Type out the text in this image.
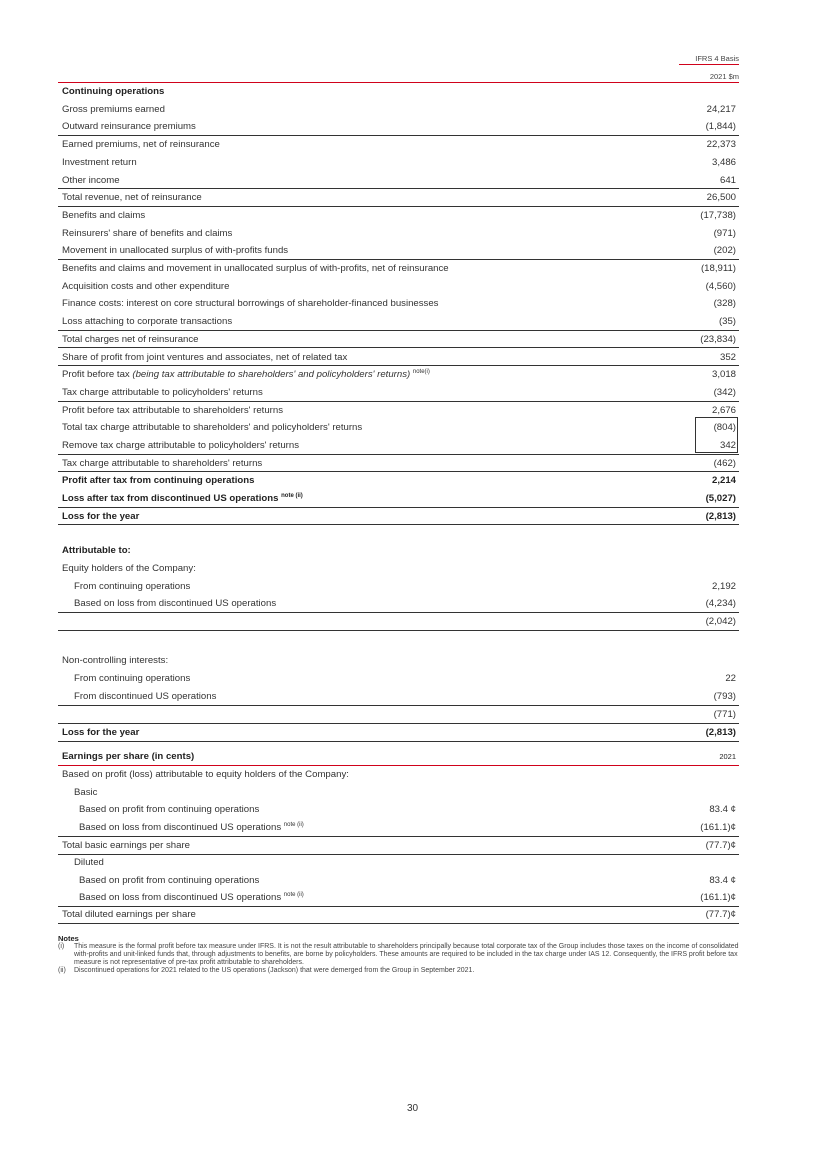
IFRS 4 Basis
2021 $m
Continuing operations
Gross premiums earned	24,217
Outward reinsurance premiums	(1,844)
Earned premiums, net of reinsurance	22,373
Investment return	3,486
Other income	641
Total revenue, net of reinsurance	26,500
Benefits and claims	(17,738)
Reinsurers' share of benefits and claims	(971)
Movement in unallocated surplus of with-profits funds	(202)
Benefits and claims and movement in unallocated surplus of with-profits, net of reinsurance	(18,911)
Acquisition costs and other expenditure	(4,560)
Finance costs: interest on core structural borrowings of shareholder-financed businesses	(328)
Loss attaching to corporate transactions	(35)
Total charges net of reinsurance	(23,834)
Share of profit from joint ventures and associates, net of related tax	352
Profit before tax (being tax attributable to shareholders' and policyholders' returns) $^{note(i)}$	3,018
Tax charge attributable to policyholders' returns	(342)
Profit before tax attributable to shareholders' returns	2,676
Total tax charge attributable to shareholders' and policyholders' returns	(804)
Remove tax charge attributable to policyholders' returns	342
Tax charge attributable to shareholders' returns	(462)
Profit after tax from continuing operations	2,214
Loss after tax from discontinued US operations $^{note (ii)}$	(5,027)
Loss for the year	(2,813)
Attributable to:
Equity holders of the Company:
From continuing operations	2,192
Based on loss from discontinued US operations	(4,234)
(2,042)
Non-controlling interests:
From continuing operations	22
From discontinued US operations	(793)
(771)
Loss for the year	(2,813)
Earnings per share (in cents)	2021
Based on profit (loss) attributable to equity holders of the Company:
Basic
Based on profit from continuing operations	83.4 ¢
Based on loss from discontinued US operations $^{note (ii)}$	(161.1)¢
Total basic earnings per share	(77.7)¢
Diluted
Based on profit from continuing operations	83.4 ¢
Based on loss from discontinued US operations $^{note (ii)}$	(161.1)¢
Total diluted earnings per share	(77.7)¢
Notes
(i) This measure is the formal profit before tax measure under IFRS. It is not the result attributable to shareholders principally because total corporate tax of the Group includes those taxes on the income of consolidated with-profits and unit-linked funds that, through adjustments to benefits, are borne by policyholders. These amounts are required to be included in the tax charge under IAS 12. Consequently, the IFRS profit before tax measure is not representative of pre-tax profit attributable to shareholders.
(ii) Discontinued operations for 2021 related to the US operations (Jackson) that were demerged from the Group in September 2021.
30
